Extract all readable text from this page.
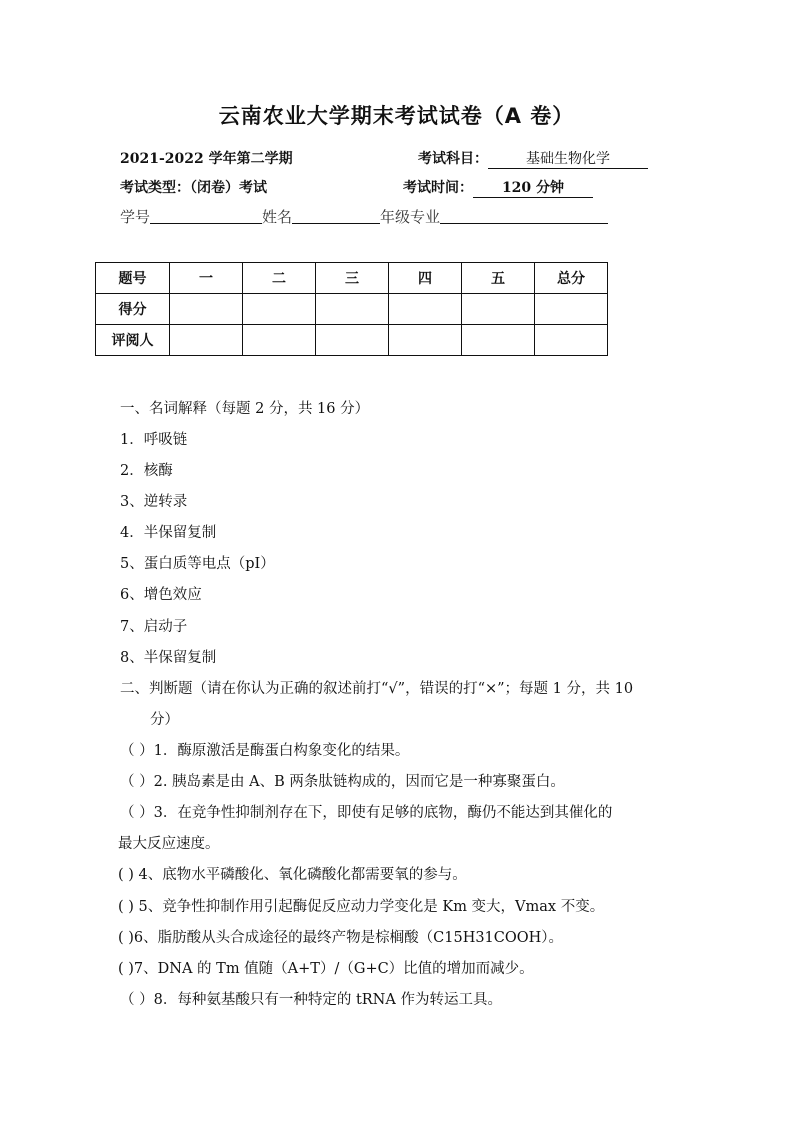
云南农业大学期末考试试卷（A 卷）
2021-2022 学年第二学期	考试科目：	基础生物化学
考试类型：（闭卷）考试	考试时间： 120 分钟
学号	姓名	年级专业
题号	一	二	三	四	五	总分
得分						
评阅人						
一、名词解释（每题 2 分，共 16 分）
1．呼吸链
2．核酶
3、逆转录
4．半保留复制
5、蛋白质等电点（pI）
6、增色效应
7、启动子
8、半保留复制
二、判断题（请在你认为正确的叙述前打“√”，错误的打“×”；每题 1 分，共 10
分）
（ ）1．酶原激活是酶蛋白构象变化的结果。
（ ）2. 胰岛素是由 A、B 两条肽链构成的，因而它是一种寡聚蛋白。
（ ）3．在竞争性抑制剂存在下，即使有足够的底物，酶仍不能达到其催化的
最大反应速度。
( ) 4、底物水平磷酸化、氧化磷酸化都需要氧的参与。
( ) 5、竞争性抑制作用引起酶促反应动力学变化是 Km 变大，Vmax 不变。
( )6、脂肪酸从头合成途径的最终产物是棕榈酸（C15H31COOH）。
( )7、DNA 的 Tm 值随（A+T）/（G+C）比值的增加而减少。
（ ）8．每种氨基酸只有一种特定的 tRNA 作为转运工具。
